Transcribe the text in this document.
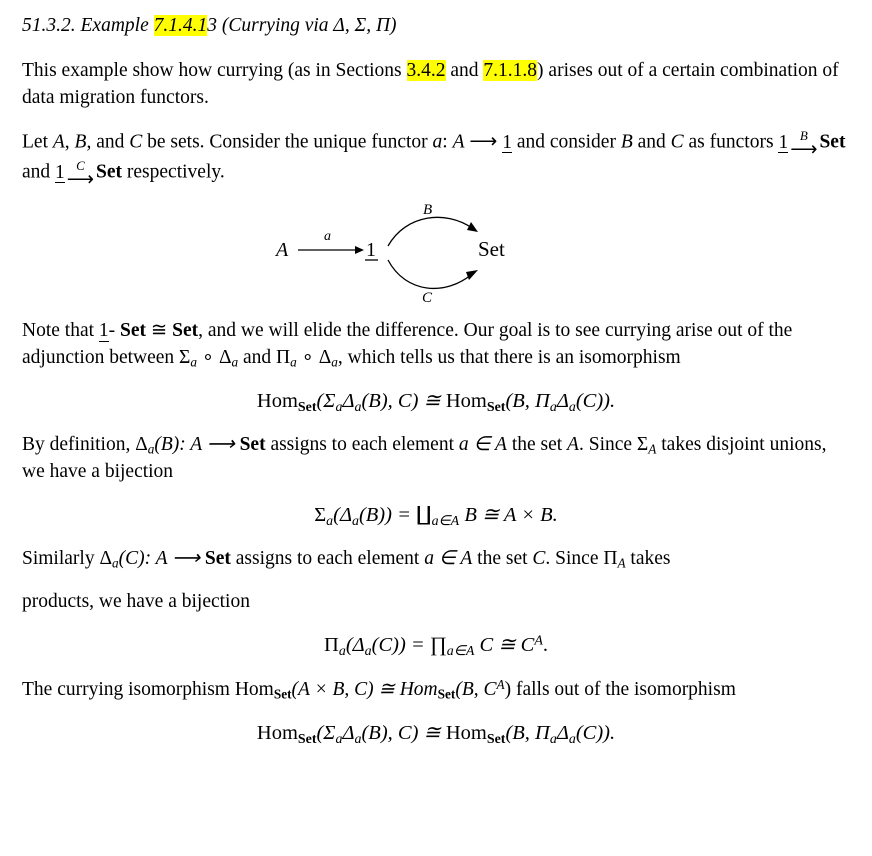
51.3.2. Example 7.1.4.13 (Currying via Δ, Σ, Π)

This example show how currying (as in Sections 3.4.2 and 7.1.1.8) arises out of a certain combination of data migration functors.

Let A, B, and C be sets. Consider the unique functor a: A ⟶ 1 and consider B and C as functors 1 B
⟶ Set and 1 C
⟶ Set respectively.

A
a
1
B
C
Set

Note that 1- Set ≅ Set, and we will elide the difference. Our goal is to see currying arise out of the adjunction between $\Sigma_a$ ∘ $\Delta_a$ and $\Pi_a$ ∘ $\Delta_a$, which tells us that there is an isomorphism

$Hom_{Set}(\Sigma_a\Delta_a(B)$, C) ≅ Hom$_{Set}$(B, $\Pi_a\Delta_a(C)$).

By definition, $\Delta_a(B)$: A ⟶ Set assigns to each element a ∈ A the set A. Since $\Sigma_A$ takes disjoint unions, we have a bijection

$\Sigma_a(\Delta_a(B))$ = $∐_{a\in A}$ B ≅ A × B.

Similarly $\Delta_a(C)$: A ⟶ Set assigns to each element a ∈ A the set C. Since $\Pi_A$ takes

products, we have a bijection

$\Pi_a(\Delta_a(C))$ = $\prod_{a\in A}$ C ≅ $C^A$.

The currying isomorphism Hom$_{Set}$(A × B, C) ≅ Hom$_{Set}$(B, $C^A$) falls out of the isomorphism

$Hom_{Set}(\Sigma_a\Delta_a(B)$, C) ≅ Hom$_{Set}$(B, $\Pi_a\Delta_a(C)$).
